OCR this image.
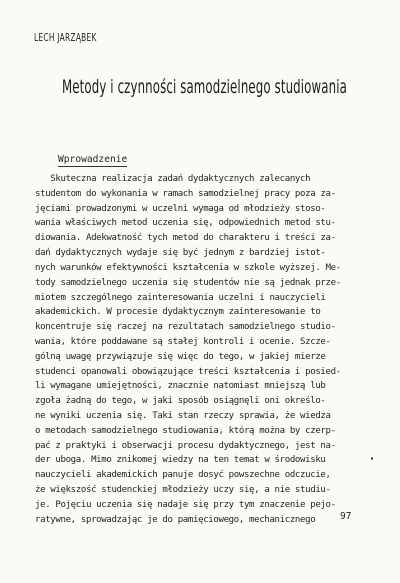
LECH JARZĄBEK
Metody i czynności samodzielnego studiowania
Wprowadzenie
Skuteczna realizacja zadań dydaktycznych zalecanych
studentom do wykonania w ramach samodzielnej pracy poza za-
jęciami prowadzonymi w uczelni wymaga od młodzieży stoso-
wania właściwych metod uczenia się, odpowiednich metod stu-
diowania. Adekwatność tych metod do charakteru i treści za-
dań dydaktycznych wydaje się być jednym z bardziej istot-
nych warunków efektywności kształcenia w szkole wyższej. Me-
tody samodzielnego uczenia się studentów nie są jednak prze-
miotem szczególnego zainteresowania uczelni i nauczycieli
akademickich. W procesie dydaktycznym zainteresowanie to
koncentruje się raczej na rezultatach samodzielnego studio-
wania, które poddawane są stałej kontroli i ocenie. Szcze-
gólną uwagę przywiązuje się więc do tego, w jakiej mierze
studenci opanowali obowiązujące treści kształcenia i posied-
li wymagane umiejętności, znacznie natomiast mniejszą lub
zgoła żadną do tego, w jaki sposób osiągnęli oni określo-
ne wyniki uczenia się. Taki stan rzeczy sprawia, że wiedza
o metodach samodzielnego studiowania, którą można by czerp-
pać z praktyki i obserwacji procesu dydaktycznego, jest na-
der uboga. Mimo znikomej wiedzy na ten temat w środowisku
nauczycieli akademickich panuje dosyć powszechne odczucie,
że większość studenckiej młodzieży uczy się, a nie studiu-
je. Pojęciu uczenia się nadaje się przy tym znaczenie pejo-
ratywne, sprowadzając je do pamięciowego, mechanicznego	97
